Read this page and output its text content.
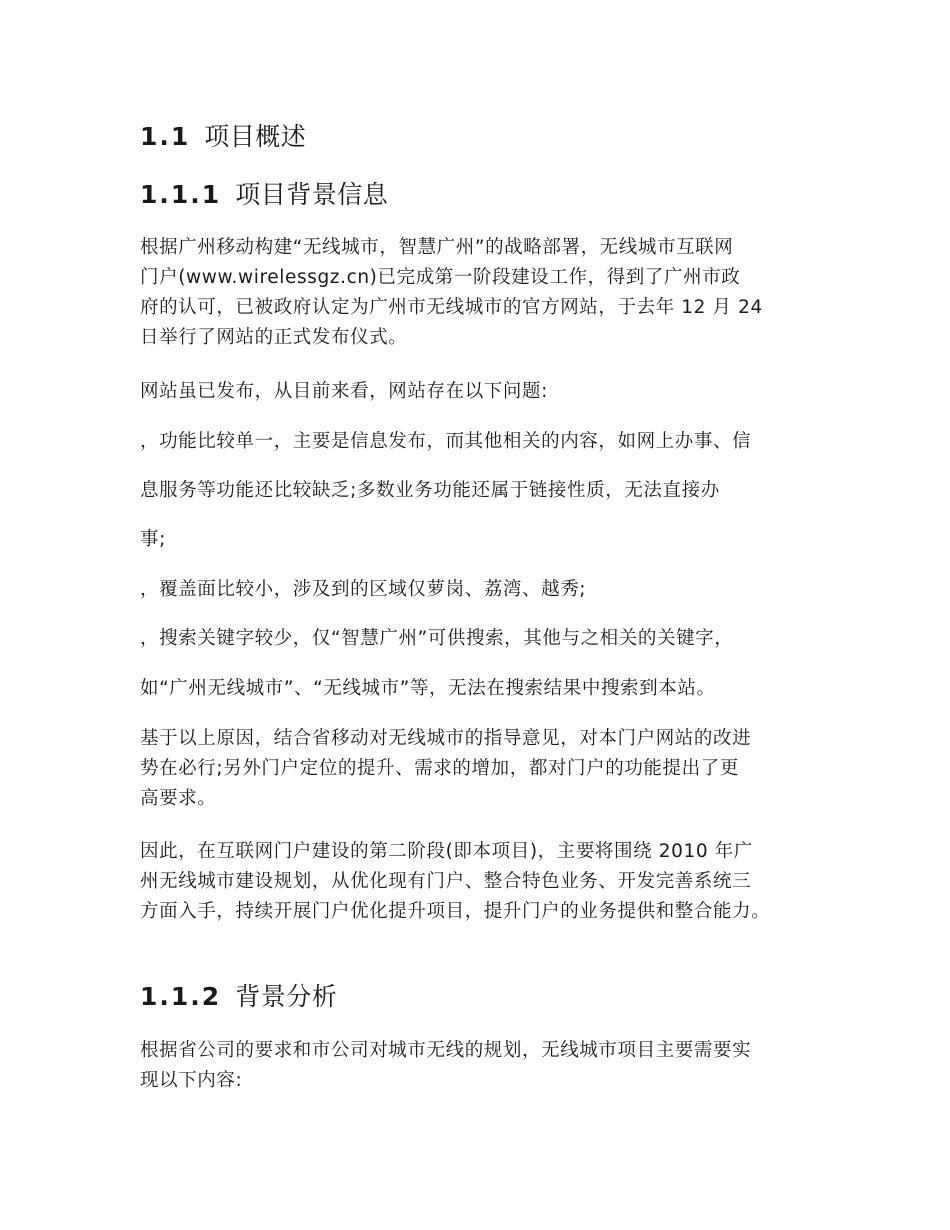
1.1 项目概述
1.1.1 项目背景信息
根据广州移动构建“无线城市，智慧广州”的战略部署，无线城市互联网
门户(www.wirelessgz.cn)已完成第一阶段建设工作，得到了广州市政
府的认可，已被政府认定为广州市无线城市的官方网站，于去年 12 月 24
日举行了网站的正式发布仪式。
网站虽已发布，从目前来看，网站存在以下问题:
，功能比较单一，主要是信息发布，而其他相关的内容，如网上办事、信
息服务等功能还比较缺乏;多数业务功能还属于链接性质，无法直接办
事;
，覆盖面比较小，涉及到的区域仅萝岗、荔湾、越秀;
，搜索关键字较少，仅“智慧广州”可供搜索，其他与之相关的关键字，
如“广州无线城市”、“无线城市”等，无法在搜索结果中搜索到本站。
基于以上原因，结合省移动对无线城市的指导意见，对本门户网站的改进
势在必行;另外门户定位的提升、需求的增加，都对门户的功能提出了更
高要求。
因此，在互联网门户建设的第二阶段(即本项目)，主要将围绕 2010 年广
州无线城市建设规划，从优化现有门户、整合特色业务、开发完善系统三
方面入手，持续开展门户优化提升项目，提升门户的业务提供和整合能力。
1.1.2 背景分析
根据省公司的要求和市公司对城市无线的规划，无线城市项目主要需要实
现以下内容:
